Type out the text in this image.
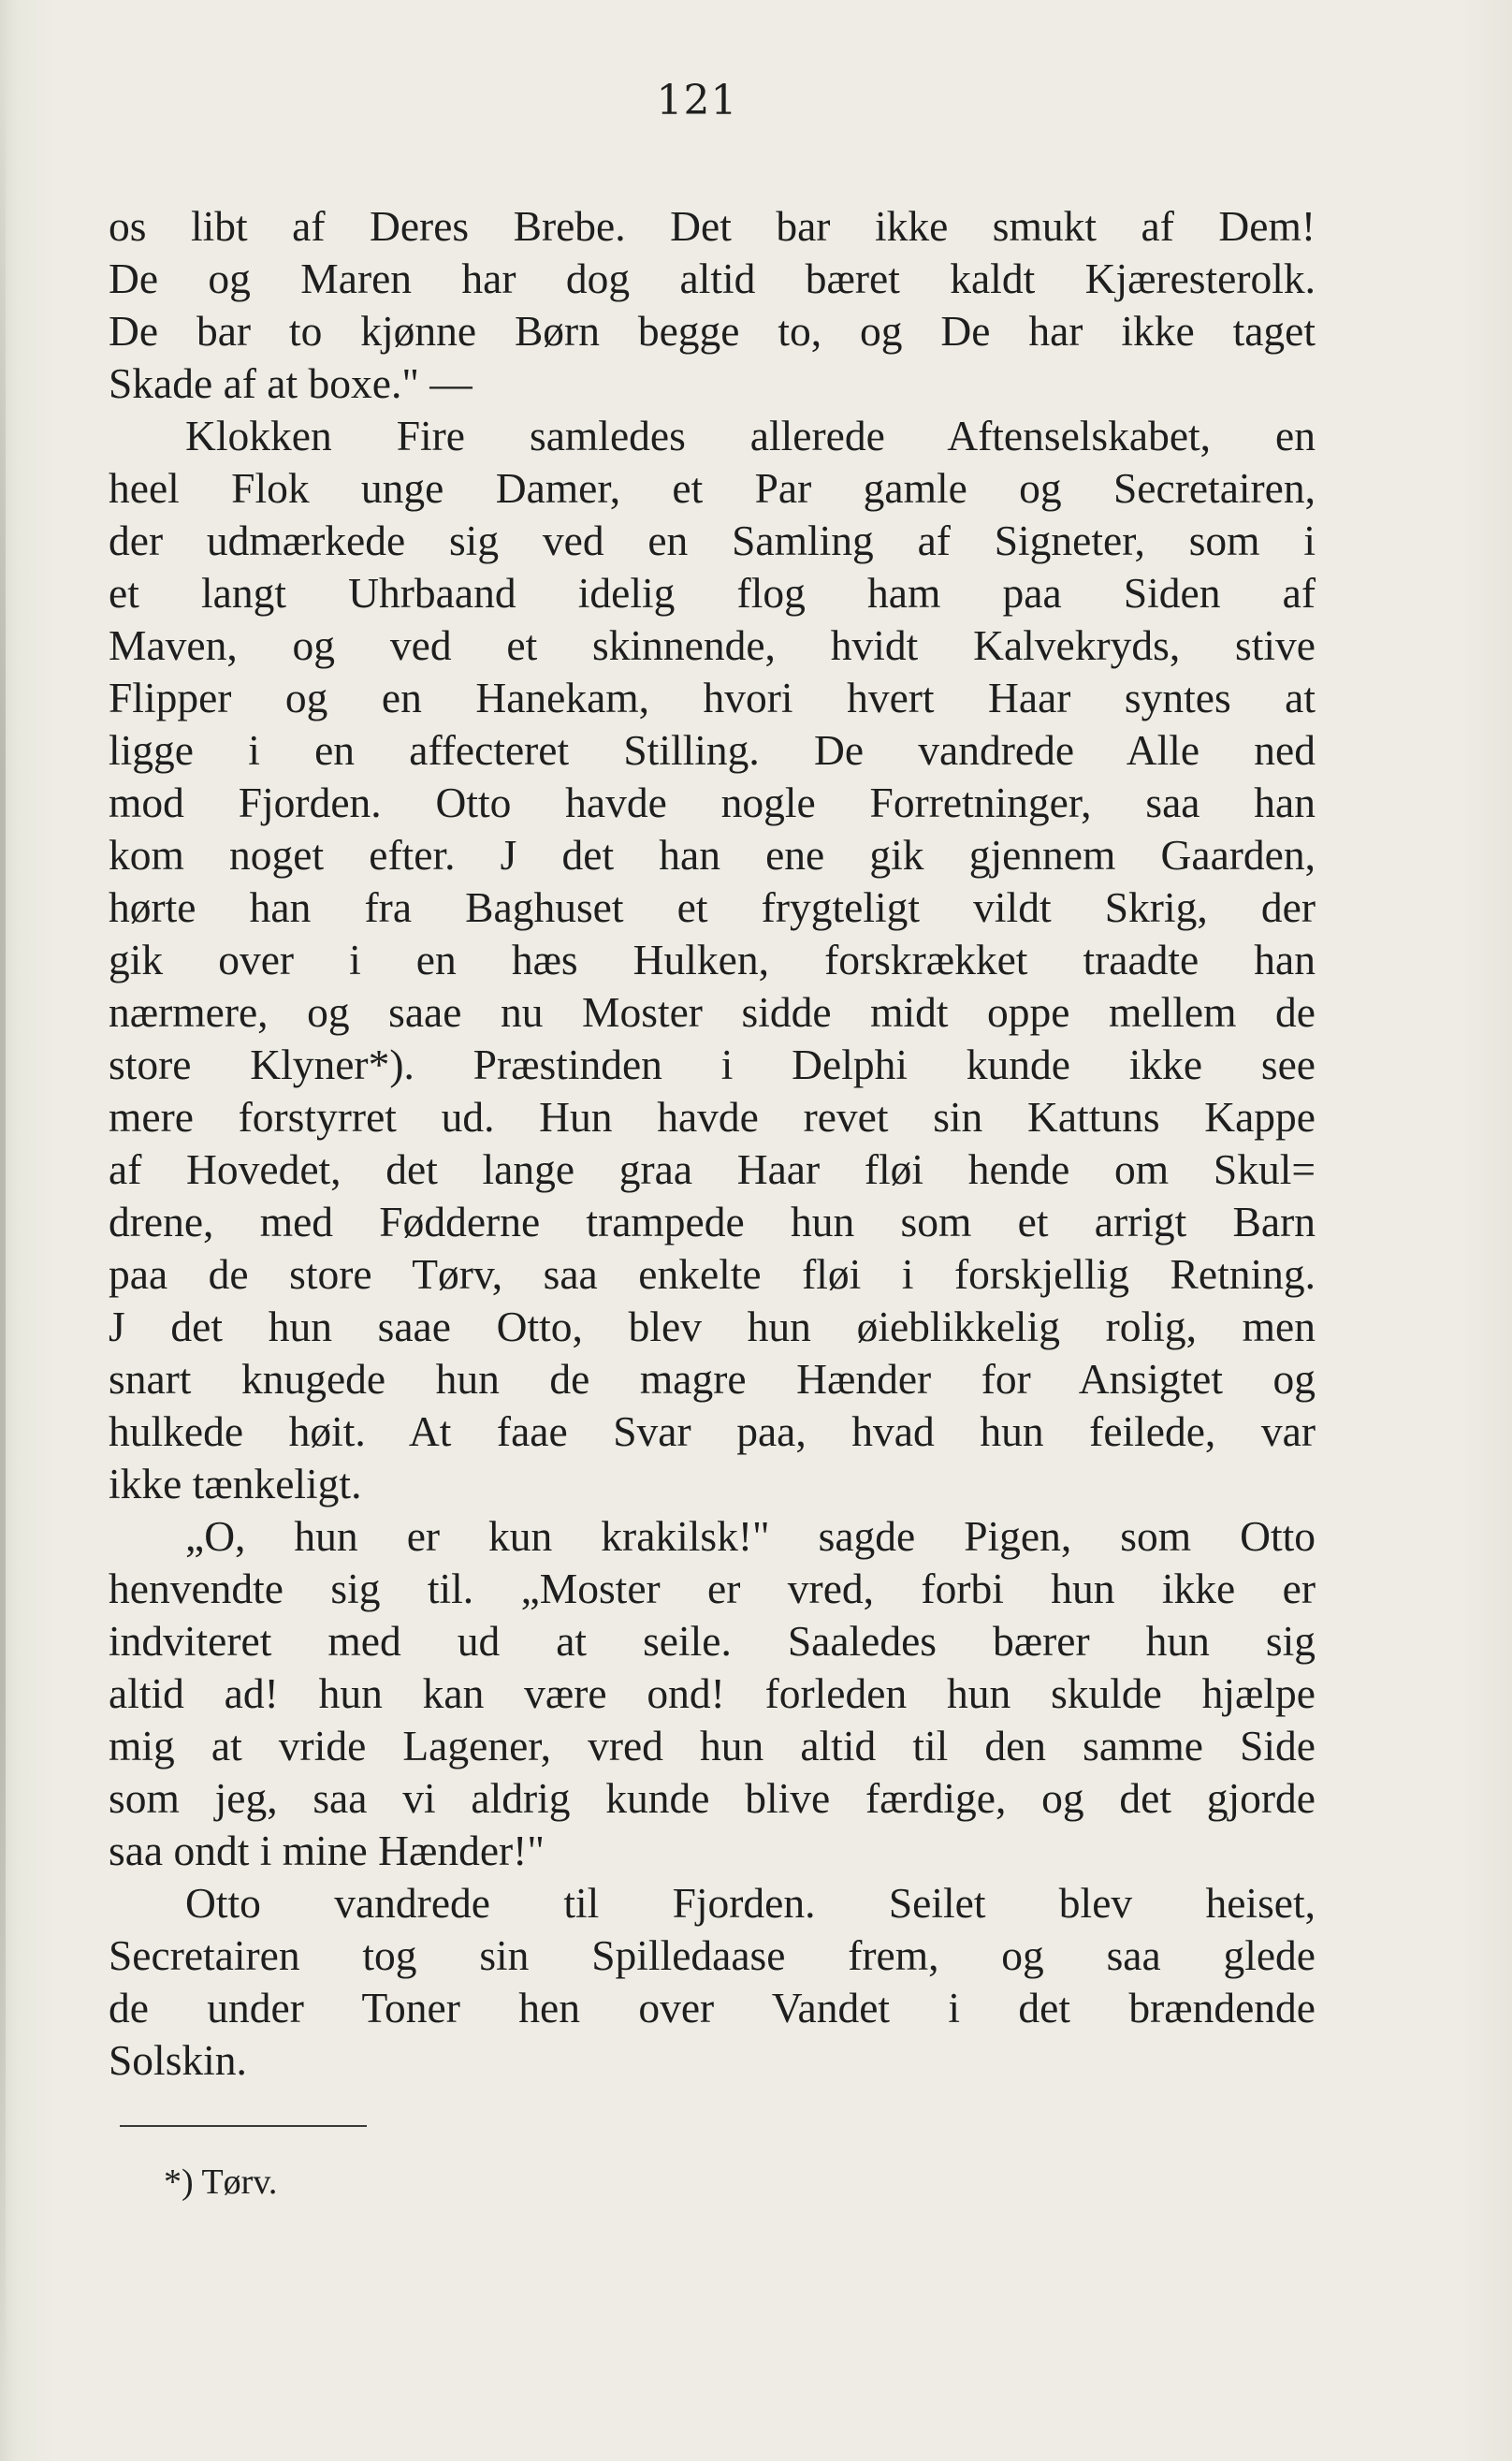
121
os libt af Deres Brebe. Det bar ikke smukt af Dem!
De og Maren har dog altid bæret kaldt Kjæresterolk.
De bar to kjønne Børn begge to, og De har ikke taget
Skade af at boxe." —
Klokken Fire samledes allerede Aftenselskabet, en
heel Flok unge Damer, et Par gamle og Secretairen,
der udmærkede sig ved en Samling af Signeter, som i
et langt Uhrbaand idelig flog ham paa Siden af
Maven, og ved et skinnende, hvidt Kalvekryds, stive
Flipper og en Hanekam, hvori hvert Haar syntes at
ligge i en affecteret Stilling. De vandrede Alle ned
mod Fjorden. Otto havde nogle Forretninger, saa han
kom noget efter. J det han ene gik gjennem Gaarden,
hørte han fra Baghuset et frygteligt vildt Skrig, der
gik over i en hæs Hulken, forskrækket traadte han
nærmere, og saae nu Moster sidde midt oppe mellem de
store Klyner*). Præstinden i Delphi kunde ikke see
mere forstyrret ud. Hun havde revet sin Kattuns Kappe
af Hovedet, det lange graa Haar fløi hende om Skul=
drene, med Fødderne trampede hun som et arrigt Barn
paa de store Tørv, saa enkelte fløi i forskjellig Retning.
J det hun saae Otto, blev hun øieblikkelig rolig, men
snart knugede hun de magre Hænder for Ansigtet og
hulkede høit. At faae Svar paa, hvad hun feilede, var
ikke tænkeligt.
„O, hun er kun krakilsk!" sagde Pigen, som Otto
henvendte sig til. „Moster er vred, forbi hun ikke er
indviteret med ud at seile. Saaledes bærer hun sig
altid ad! hun kan være ond! forleden hun skulde hjælpe
mig at vride Lagener, vred hun altid til den samme Side
som jeg, saa vi aldrig kunde blive færdige, og det gjorde
saa ondt i mine Hænder!"
Otto vandrede til Fjorden. Seilet blev heiset,
Secretairen tog sin Spilledaase frem, og saa glede
de under Toner hen over Vandet i det brændende
Solskin.
*) Tørv.
